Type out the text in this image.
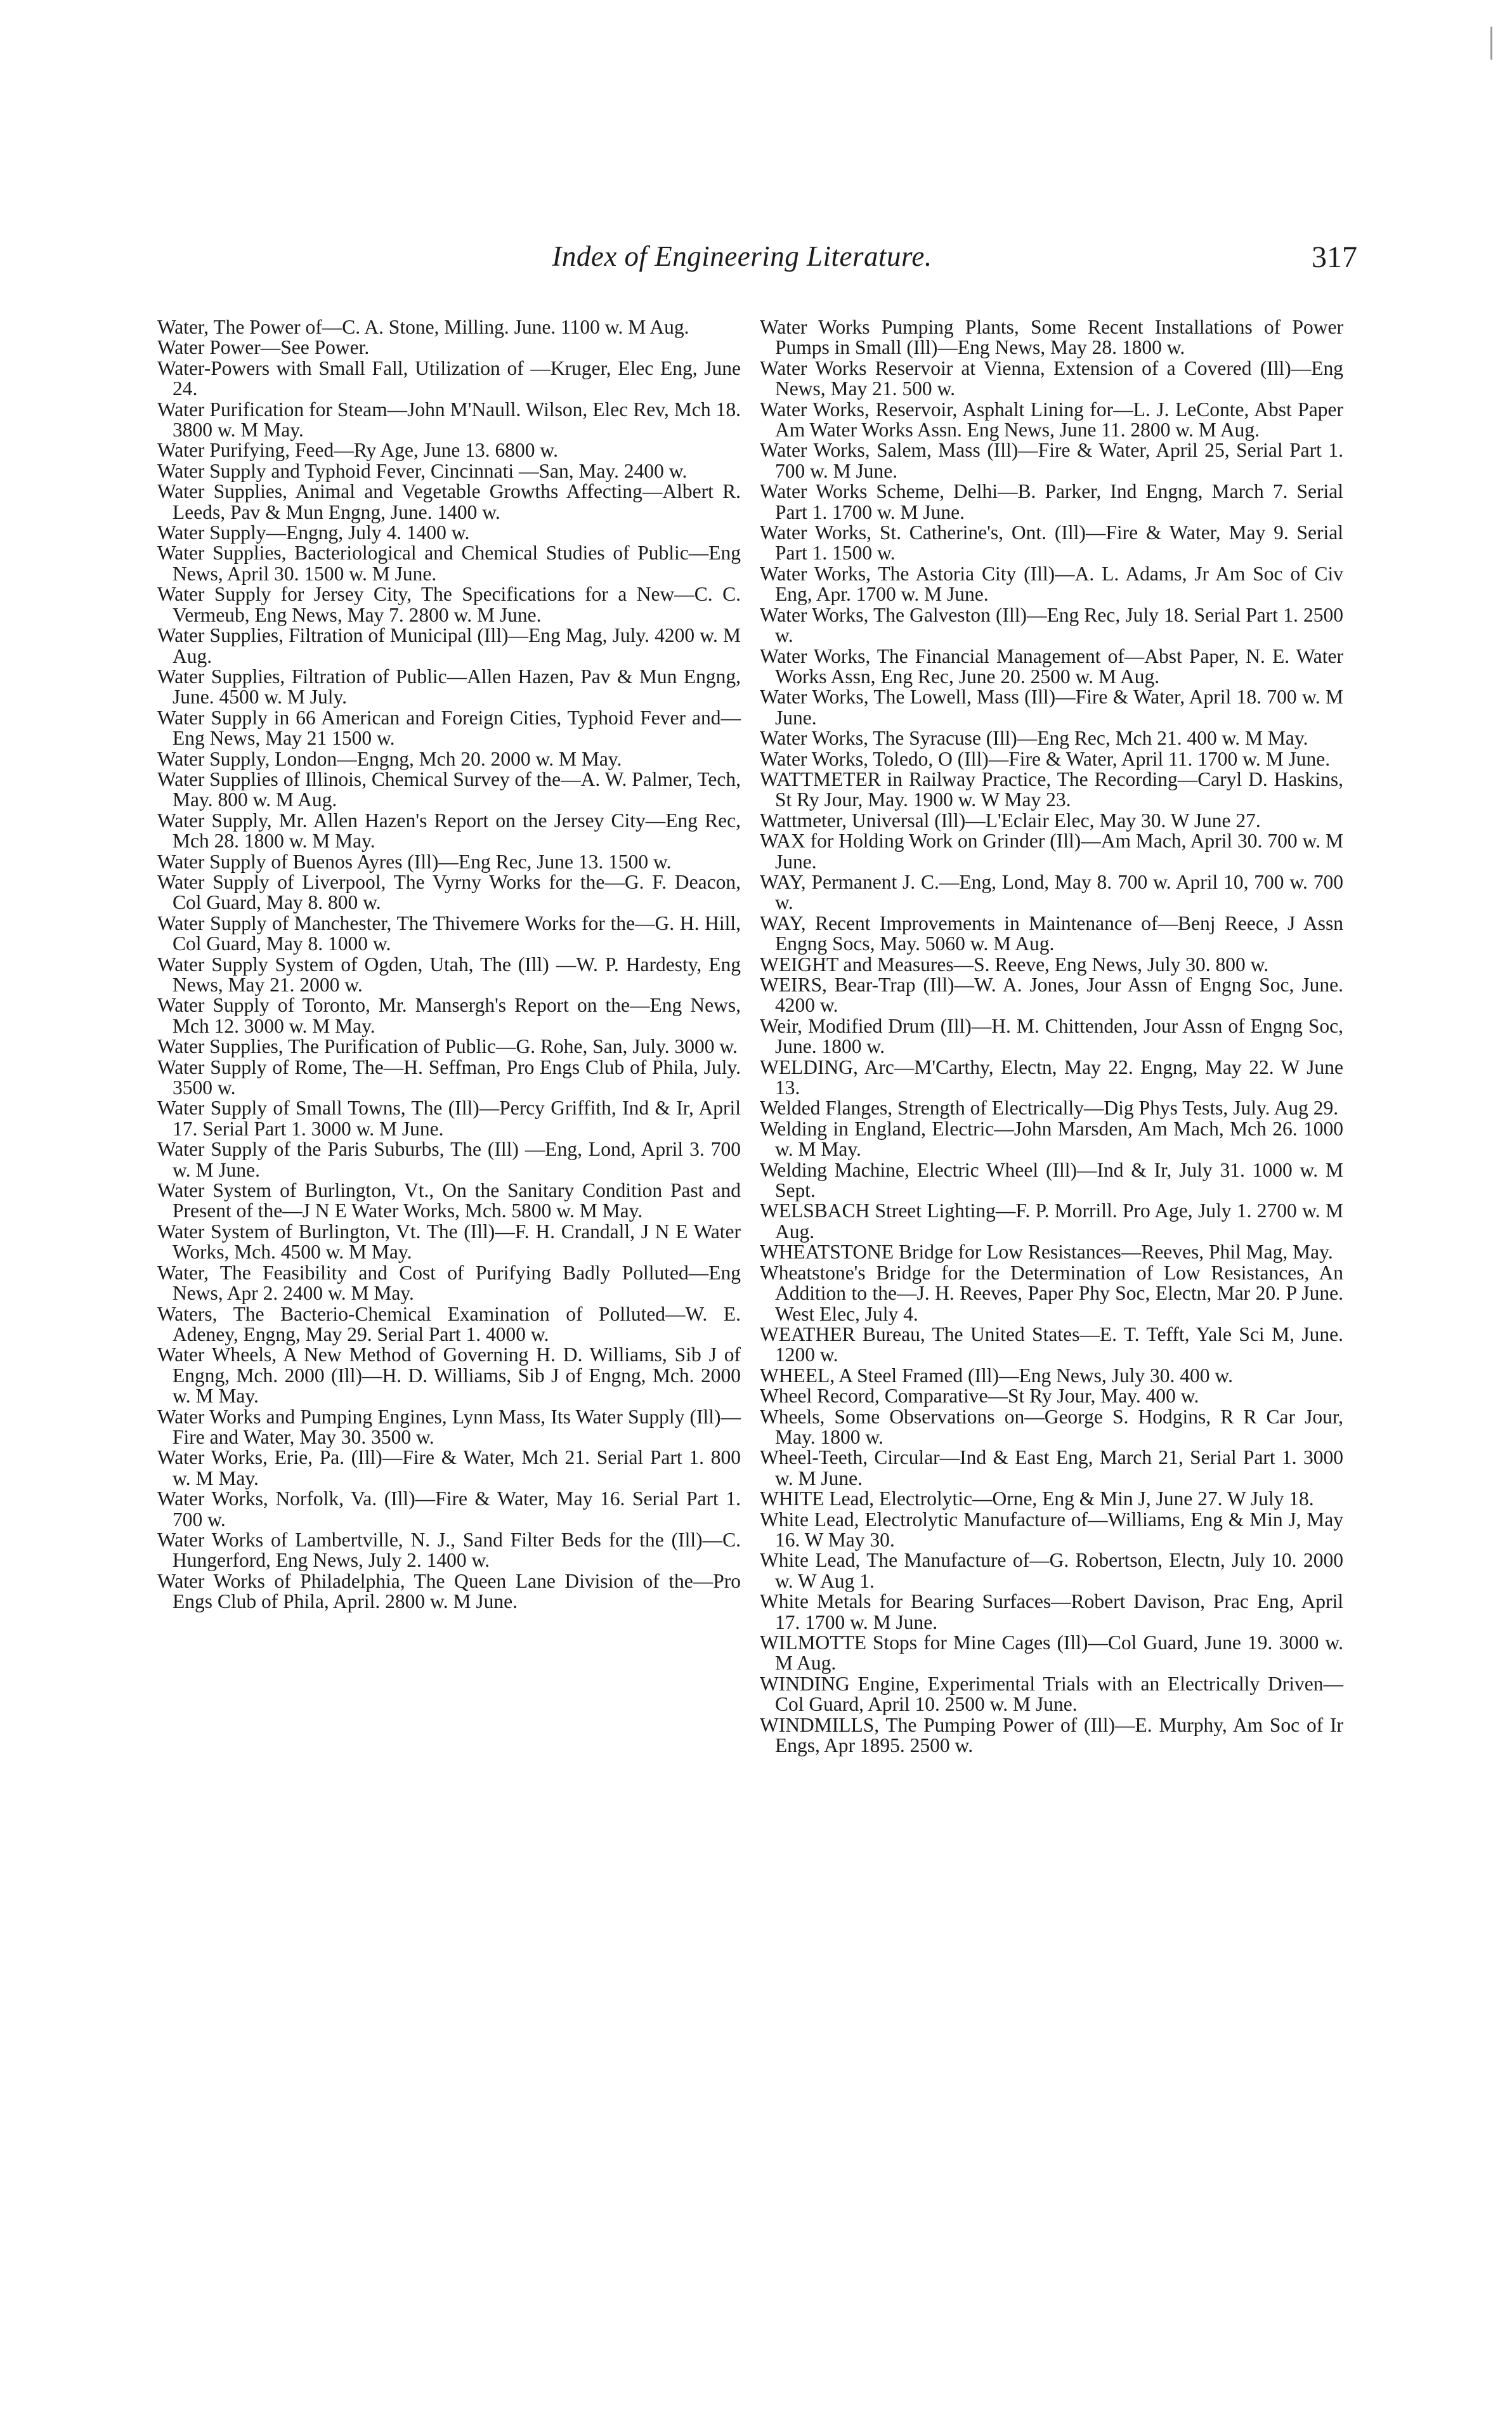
Index of Engineering Literature.	317
Water, The Power of—C. A. Stone, Milling. June. 1100 w. M Aug.
Water Power—See Power.
Water-Powers with Small Fall, Utilization of —Kruger, Elec Eng, June 24.
Water Purification for Steam—John M'Naull. Wilson, Elec Rev, Mch 18. 3800 w. M May.
Water Purifying, Feed—Ry Age, June 13. 6800 w.
Water Supply and Typhoid Fever, Cincinnati —San, May. 2400 w.
Water Supplies, Animal and Vegetable Growths Affecting—Albert R. Leeds, Pav & Mun Engng, June. 1400 w.
Water Supply—Engng, July 4. 1400 w.
Water Supplies, Bacteriological and Chemical Studies of Public—Eng News, April 30. 1500 w. M June.
Water Supply for Jersey City, The Specifications for a New—C. C. Vermeub, Eng News, May 7. 2800 w. M June.
Water Supplies, Filtration of Municipal (Ill)—Eng Mag, July. 4200 w. M Aug.
Water Supplies, Filtration of Public—Allen Hazen, Pav & Mun Engng, June. 4500 w. M July.
Water Supply in 66 American and Foreign Cities, Typhoid Fever and—Eng News, May 21 1500 w.
Water Supply, London—Engng, Mch 20. 2000 w. M May.
Water Supplies of Illinois, Chemical Survey of the—A. W. Palmer, Tech, May. 800 w. M Aug.
Water Supply, Mr. Allen Hazen's Report on the Jersey City—Eng Rec, Mch 28. 1800 w. M May.
Water Supply of Buenos Ayres (Ill)—Eng Rec, June 13. 1500 w.
Water Supply of Liverpool, The Vyrny Works for the—G. F. Deacon, Col Guard, May 8. 800 w.
Water Supply of Manchester, The Thivemere Works for the—G. H. Hill, Col Guard, May 8. 1000 w.
Water Supply System of Ogden, Utah, The (Ill) —W. P. Hardesty, Eng News, May 21. 2000 w.
Water Supply of Toronto, Mr. Mansergh's Report on the—Eng News, Mch 12. 3000 w. M May.
Water Supplies, The Purification of Public—G. Rohe, San, July. 3000 w.
Water Supply of Rome, The—H. Seffman, Pro Engs Club of Phila, July. 3500 w.
Water Supply of Small Towns, The (Ill)—Percy Griffith, Ind & Ir, April 17. Serial Part 1. 3000 w. M June.
Water Supply of the Paris Suburbs, The (Ill) —Eng, Lond, April 3. 700 w. M June.
Water System of Burlington, Vt., On the Sanitary Condition Past and Present of the—J N E Water Works, Mch. 5800 w. M May.
Water System of Burlington, Vt. The (Ill)—F. H. Crandall, J N E Water Works, Mch. 4500 w. M May.
Water, The Feasibility and Cost of Purifying Badly Polluted—Eng News, Apr 2. 2400 w. M May.
Waters, The Bacterio-Chemical Examination of Polluted—W. E. Adeney, Engng, May 29. Serial Part 1. 4000 w.
Water Wheels, A New Method of Governing H. D. Williams, Sib J of Engng, Mch. 2000 (Ill)—H. D. Williams, Sib J of Engng, Mch. 2000 w. M May.
Water Works and Pumping Engines, Lynn Mass, Its Water Supply (Ill)—Fire and Water, May 30. 3500 w.
Water Works, Erie, Pa. (Ill)—Fire & Water, Mch 21. Serial Part 1. 800 w. M May.
Water Works, Norfolk, Va. (Ill)—Fire & Water, May 16. Serial Part 1. 700 w.
Water Works of Lambertville, N. J., Sand Filter Beds for the (Ill)—C. Hungerford, Eng News, July 2. 1400 w.
Water Works of Philadelphia, The Queen Lane Division of the—Pro Engs Club of Phila, April. 2800 w. M June.
Water Works Pumping Plants, Some Recent Installations of Power Pumps in Small (Ill)—Eng News, May 28. 1800 w.
Water Works Reservoir at Vienna, Extension of a Covered (Ill)—Eng News, May 21. 500 w.
Water Works, Reservoir, Asphalt Lining for—L. J. LeConte, Abst Paper Am Water Works Assn. Eng News, June 11. 2800 w. M Aug.
Water Works, Salem, Mass (Ill)—Fire & Water, April 25, Serial Part 1. 700 w. M June.
Water Works Scheme, Delhi—B. Parker, Ind Engng, March 7. Serial Part 1. 1700 w. M June.
Water Works, St. Catherine's, Ont. (Ill)—Fire & Water, May 9. Serial Part 1. 1500 w.
Water Works, The Astoria City (Ill)—A. L. Adams, Jr Am Soc of Civ Eng, Apr. 1700 w. M June.
Water Works, The Galveston (Ill)—Eng Rec, July 18. Serial Part 1. 2500 w.
Water Works, The Financial Management of—Abst Paper, N. E. Water Works Assn, Eng Rec, June 20. 2500 w. M Aug.
Water Works, The Lowell, Mass (Ill)—Fire & Water, April 18. 700 w. M June.
Water Works, The Syracuse (Ill)—Eng Rec, Mch 21. 400 w. M May.
Water Works, Toledo, O (Ill)—Fire & Water, April 11. 1700 w. M June.
WATTMETER in Railway Practice, The Recording—Caryl D. Haskins, St Ry Jour, May. 1900 w. W May 23.
Wattmeter, Universal (Ill)—L'Eclair Elec, May 30. W June 27.
WAX for Holding Work on Grinder (Ill)—Am Mach, April 30. 700 w. M June.
WAY, Permanent J. C.—Eng, Lond, May 8. 700 w. April 10, 700 w. 700 w.
WAY, Recent Improvements in Maintenance of—Benj Reece, J Assn Engng Socs, May. 5060 w. M Aug.
WEIGHT and Measures—S. Reeve, Eng News, July 30. 800 w.
WEIRS, Bear-Trap (Ill)—W. A. Jones, Jour Assn of Engng Soc, June. 4200 w.
Weir, Modified Drum (Ill)—H. M. Chittenden, Jour Assn of Engng Soc, June. 1800 w.
WELDING, Arc—M'Carthy, Electn, May 22. Engng, May 22. W June 13.
Welded Flanges, Strength of Electrically—Dig Phys Tests, July. Aug 29.
Welding in England, Electric—John Marsden, Am Mach, Mch 26. 1000 w. M May.
Welding Machine, Electric Wheel (Ill)—Ind & Ir, July 31. 1000 w. M Sept.
WELSBACH Street Lighting—F. P. Morrill. Pro Age, July 1. 2700 w. M Aug.
WHEATSTONE Bridge for Low Resistances—Reeves, Phil Mag, May.
Wheatstone's Bridge for the Determination of Low Resistances, An Addition to the—J. H. Reeves, Paper Phy Soc, Electn, Mar 20. P June. West Elec, July 4.
WEATHER Bureau, The United States—E. T. Tefft, Yale Sci M, June. 1200 w.
WHEEL, A Steel Framed (Ill)—Eng News, July 30. 400 w.
Wheel Record, Comparative—St Ry Jour, May. 400 w.
Wheels, Some Observations on—George S. Hodgins, R R Car Jour, May. 1800 w.
Wheel-Teeth, Circular—Ind & East Eng, March 21, Serial Part 1. 3000 w. M June.
WHITE Lead, Electrolytic—Orne, Eng & Min J, June 27. W July 18.
White Lead, Electrolytic Manufacture of—Williams, Eng & Min J, May 16. W May 30.
White Lead, The Manufacture of—G. Robertson, Electn, July 10. 2000 w. W Aug 1.
White Metals for Bearing Surfaces—Robert Davison, Prac Eng, April 17. 1700 w. M June.
WILMOTTE Stops for Mine Cages (Ill)—Col Guard, June 19. 3000 w. M Aug.
WINDING Engine, Experimental Trials with an Electrically Driven—Col Guard, April 10. 2500 w. M June.
WINDMILLS, The Pumping Power of (Ill)—E. Murphy, Am Soc of Ir Engs, Apr 1895. 2500 w.
